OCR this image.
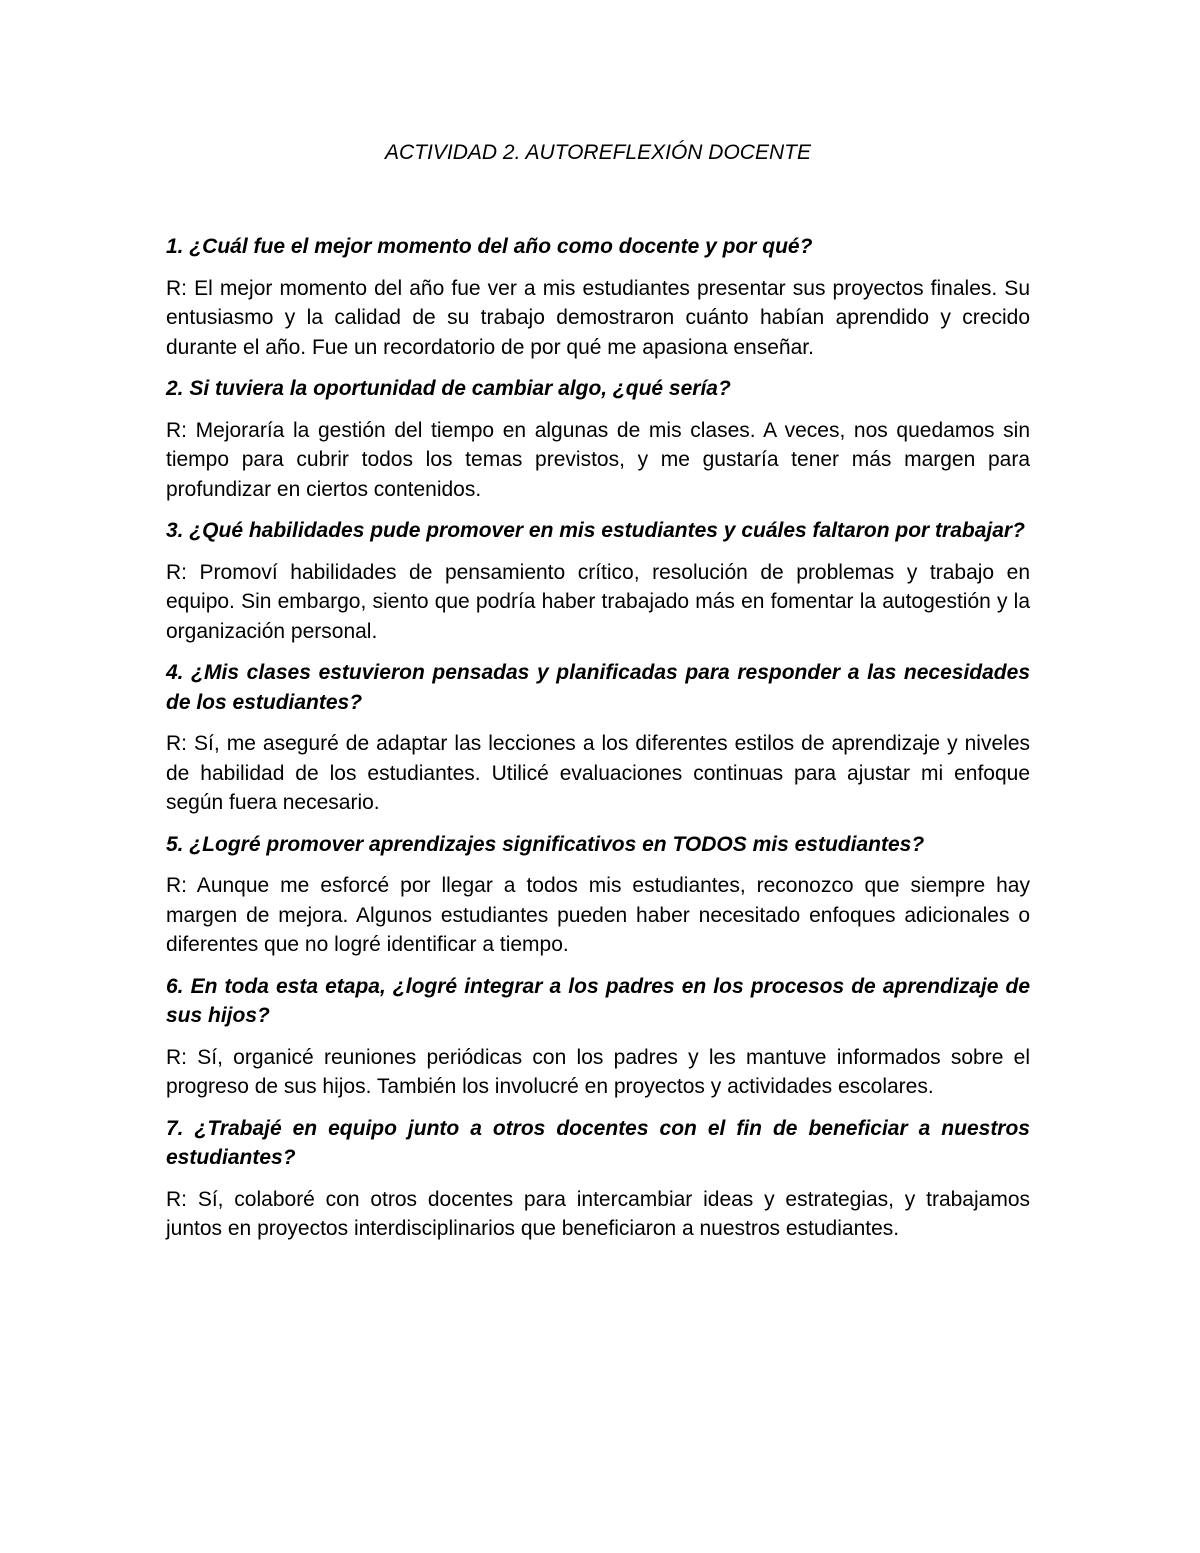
ACTIVIDAD 2. AUTOREFLEXIÓN DOCENTE

1. ¿Cuál fue el mejor momento del año como docente y por qué?

R: El mejor momento del año fue ver a mis estudiantes presentar sus proyectos finales. Su entusiasmo y la calidad de su trabajo demostraron cuánto habían aprendido y crecido durante el año. Fue un recordatorio de por qué me apasiona enseñar.

2. Si tuviera la oportunidad de cambiar algo, ¿qué sería?

R: Mejoraría la gestión del tiempo en algunas de mis clases. A veces, nos quedamos sin tiempo para cubrir todos los temas previstos, y me gustaría tener más margen para profundizar en ciertos contenidos.

3. ¿Qué habilidades pude promover en mis estudiantes y cuáles faltaron por trabajar?

R: Promoví habilidades de pensamiento crítico, resolución de problemas y trabajo en equipo. Sin embargo, siento que podría haber trabajado más en fomentar la autogestión y la organización personal.

4. ¿Mis clases estuvieron pensadas y planificadas para responder a las necesidades de los estudiantes?

R: Sí, me aseguré de adaptar las lecciones a los diferentes estilos de aprendizaje y niveles de habilidad de los estudiantes. Utilicé evaluaciones continuas para ajustar mi enfoque según fuera necesario.

5. ¿Logré promover aprendizajes significativos en TODOS mis estudiantes?

R: Aunque me esforcé por llegar a todos mis estudiantes, reconozco que siempre hay margen de mejora. Algunos estudiantes pueden haber necesitado enfoques adicionales o diferentes que no logré identificar a tiempo.

6. En toda esta etapa, ¿logré integrar a los padres en los procesos de aprendizaje de sus hijos?

R: Sí, organicé reuniones periódicas con los padres y les mantuve informados sobre el progreso de sus hijos. También los involucré en proyectos y actividades escolares.

7. ¿Trabajé en equipo junto a otros docentes con el fin de beneficiar a nuestros estudiantes?

R: Sí, colaboré con otros docentes para intercambiar ideas y estrategias, y trabajamos juntos en proyectos interdisciplinarios que beneficiaron a nuestros estudiantes.
